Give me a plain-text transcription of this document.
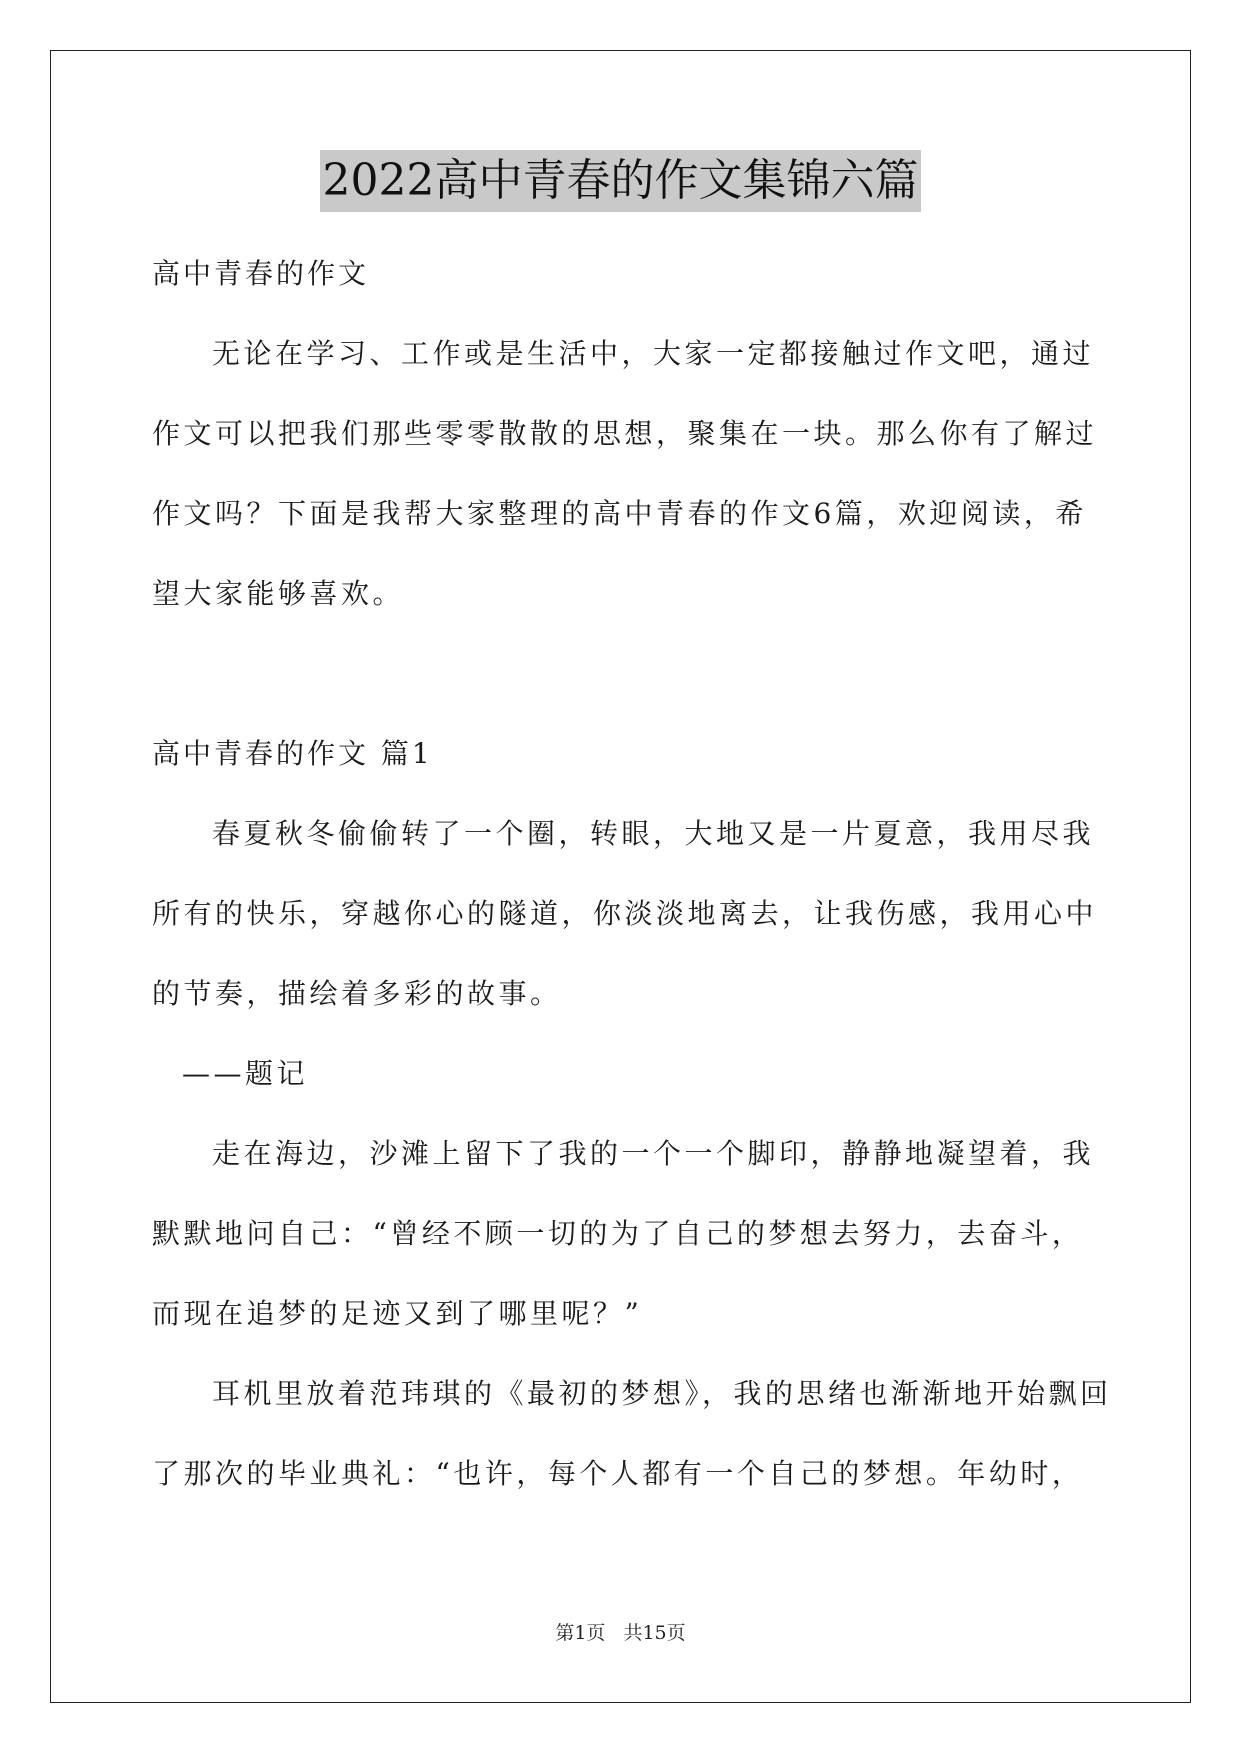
2022高中青春的作文集锦六篇
高中青春的作文
无论在学习、工作或是生活中，大家一定都接触过作文吧，通过
作文可以把我们那些零零散散的思想，聚集在一块。那么你有了解过
作文吗？下面是我帮大家整理的高中青春的作文6篇，欢迎阅读，希
望大家能够喜欢。
高中青春的作文 篇1
春夏秋冬偷偷转了一个圈，转眼，大地又是一片夏意，我用尽我
所有的快乐，穿越你心的隧道，你淡淡地离去，让我伤感，我用心中
的节奏，描绘着多彩的故事。
——题记
走在海边，沙滩上留下了我的一个一个脚印，静静地凝望着，我
默默地问自己：“曾经不顾一切的为了自己的梦想去努力，去奋斗，
而现在追梦的足迹又到了哪里呢？”
耳机里放着范玮琪的《最初的梦想》，我的思绪也渐渐地开始飘回
了那次的毕业典礼：“也许，每个人都有一个自己的梦想。年幼时，
第1页 共15页
